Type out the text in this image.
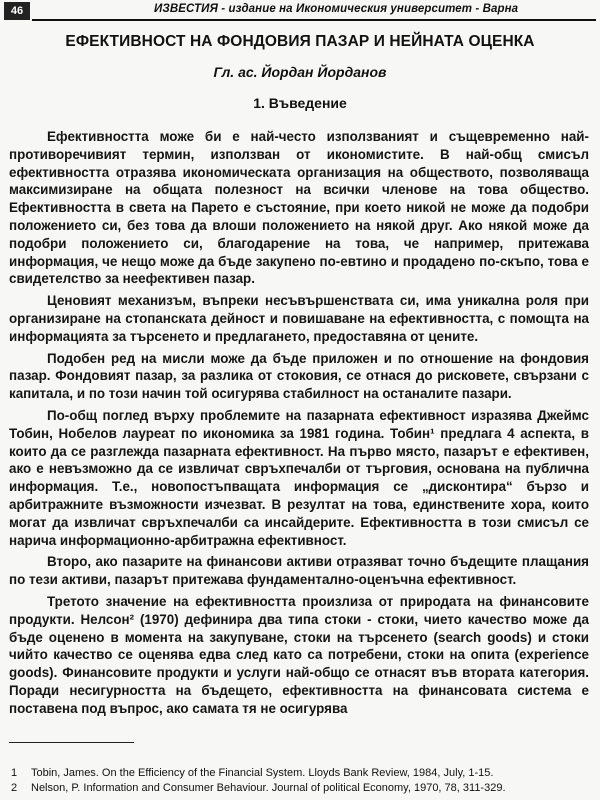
46	ИЗВЕСТИЯ - издание на Икономическия университет - Варна
ЕФЕКТИВНОСТ НА ФОНДОВИЯ ПАЗАР И НЕЙНАТА ОЦЕНКА
Гл. ас. Йордан Йорданов
1. Въведение

Ефективността може би е най-често използваният и същевременно най-противоречивият термин, използван от икономистите. В най-общ смисъл ефективността отразява икономическата организация на обществото, позволяваща максимизиране на общата полезност на всички членове на това общество. Ефективността в света на Парето е състояние, при което никой не може да подобри положението си, без това да влоши положението на някой друг. Ако някой може да подобри положението си, благодарение на това, че например, притежава информация, че нещо може да бъде закупено по-евтино и продадено по-скъпо, това е свидетелство за неефективен пазар.

Ценовият механизъм, въпреки несъвършенствата си, има уникална роля при организиране на стопанската дейност и повишаване на ефективността, с помощта на информацията за търсенето и предлагането, предоставяна от цените.

Подобен ред на мисли може да бъде приложен и по отношение на фондовия пазар. Фондовият пазар, за разлика от стоковия, се отнася до рисковете, свързани с капитала, и по този начин той осигурява стабилност на останалите пазари.

По-общ поглед върху проблемите на пазарната ефективност изразява Джеймс Тобин, Нобелов лауреат по икономика за 1981 година. Тобин¹ предлага 4 аспекта, в които да се разглежда пазарната ефективност. На първо място, пазарът е ефективен, ако е невъзможно да се извличат свръхпечалби от търговия, основана на публична информация. Т.е., новопостъпващата информация се „дисконтира“ бързо и арбитражните възможности изчезват. В резултат на това, единствените хора, които могат да извличат свръхпечалби са инсайдерите. Ефективността в този смисъл се нарича информационно-арбитражна ефективност.

Второ, ако пазарите на финансови активи отразяват точно бъдещите плащания по тези активи, пазарът притежава фундаментално-оценъчна ефективност.

Третото значение на ефективността произлиза от природата на финансовите продукти. Нелсон² (1970) дефинира два типа стоки - стоки, чието качество може да бъде оценено в момента на закупуване, стоки на търсенето (search goods) и стоки чийто качество се оценява едва след като са потребени, стоки на опита (experience goods). Финансовите продукти и услуги най-общо се отнасят във втората категория. Поради несигурността на бъдещето, ефективността на финансовата система е поставена под въпрос, ако самата тя не осигурява

1 Tobin, James. On the Efficiency of the Financial System. Lloyds Bank Review, 1984, July, 1-15.
2 Nelson, P. Information and Consumer Behaviour. Journal of political Economy, 1970, 78, 311-329.
